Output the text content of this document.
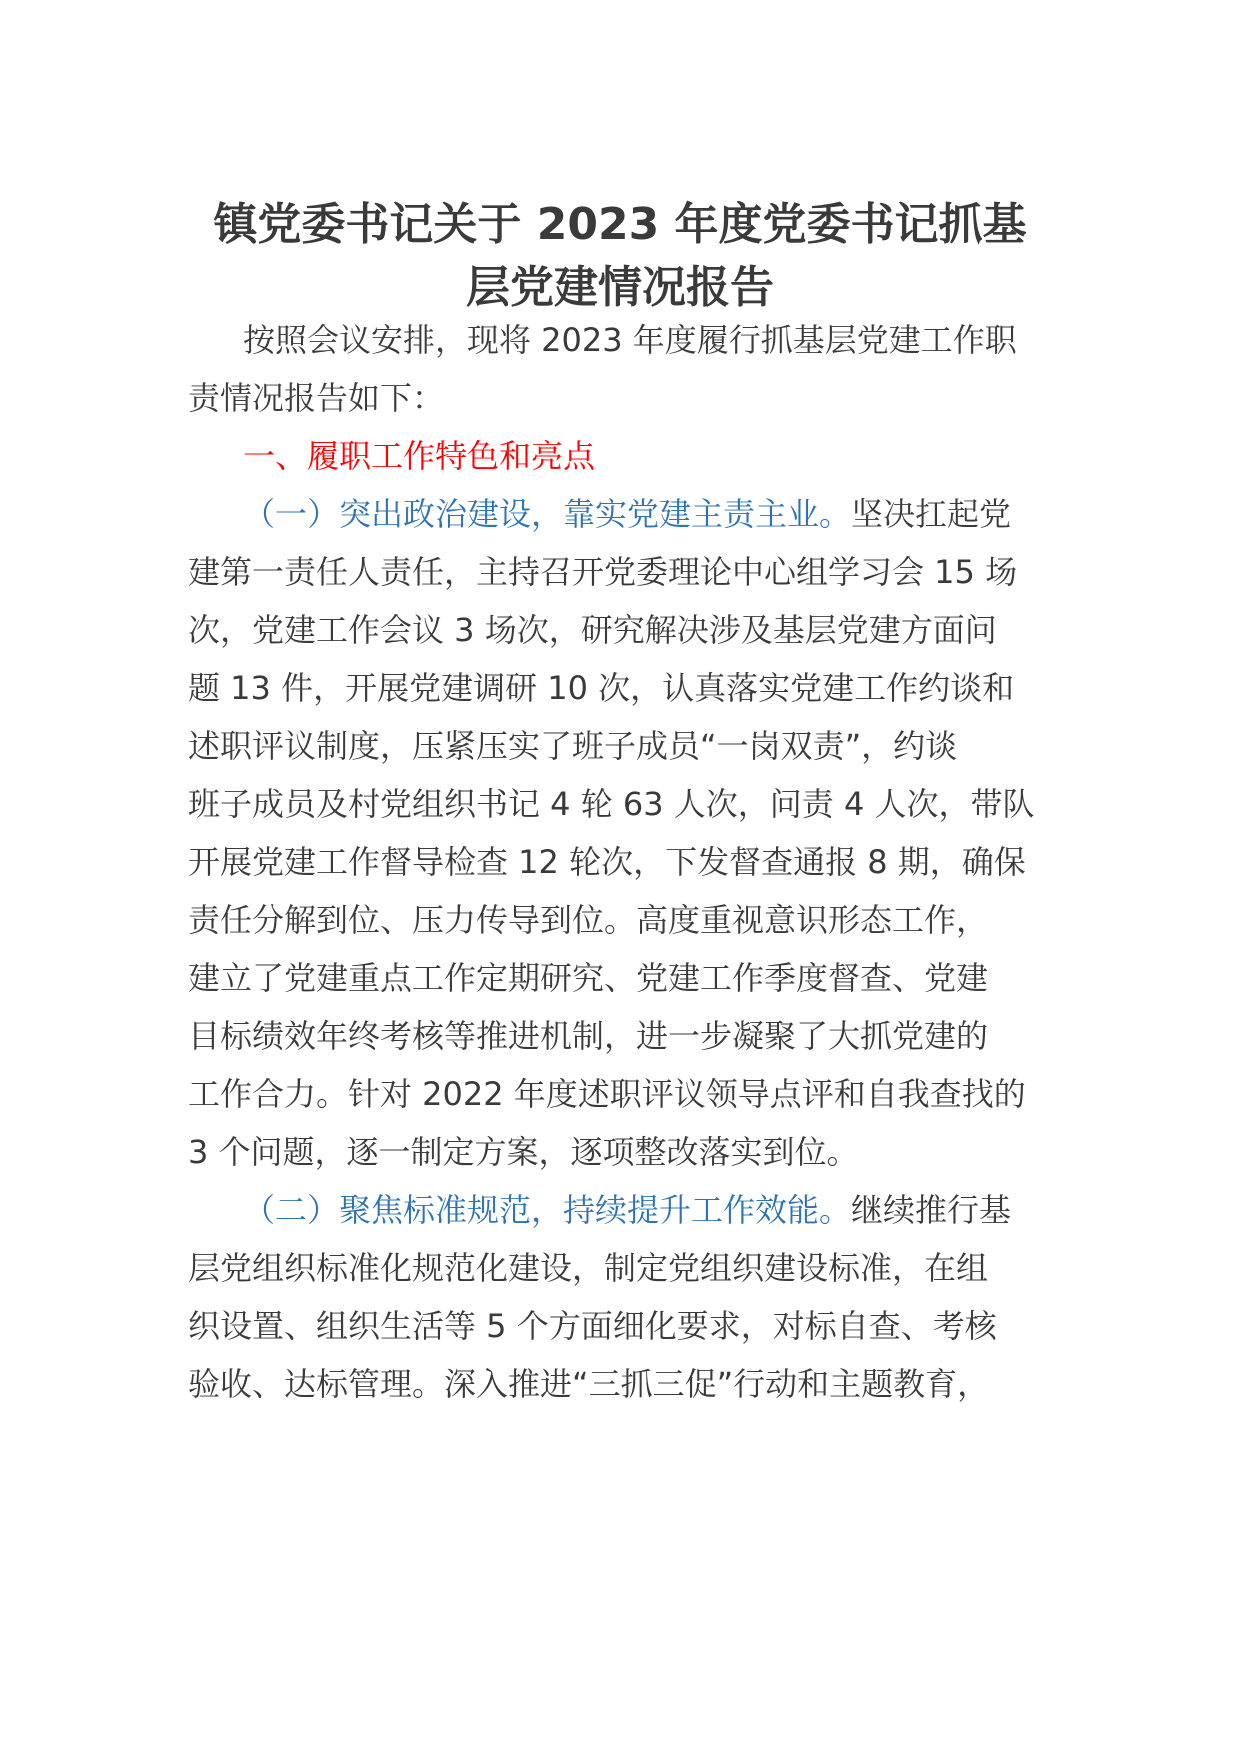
镇党委书记关于 2023 年度党委书记抓基
层党建情况报告
按照会议安排，现将 2023 年度履行抓基层党建工作职
责情况报告如下：
一、履职工作特色和亮点
（一）突出政治建设，靠实党建主责主业。坚决扛起党
建第一责任人责任，主持召开党委理论中心组学习会 15 场
次，党建工作会议 3 场次，研究解决涉及基层党建方面问
题 13 件，开展党建调研 10 次，认真落实党建工作约谈和
述职评议制度，压紧压实了班子成员“一岗双责”，约谈
班子成员及村党组织书记 4 轮 63 人次，问责 4 人次，带队
开展党建工作督导检查 12 轮次，下发督查通报 8 期，确保
责任分解到位、压力传导到位。高度重视意识形态工作，
建立了党建重点工作定期研究、党建工作季度督查、党建
目标绩效年终考核等推进机制，进一步凝聚了大抓党建的
工作合力。针对 2022 年度述职评议领导点评和自我查找的
3 个问题，逐一制定方案，逐项整改落实到位。
（二）聚焦标准规范，持续提升工作效能。继续推行基
层党组织标准化规范化建设，制定党组织建设标准，在组
织设置、组织生活等 5 个方面细化要求，对标自查、考核
验收、达标管理。深入推进“三抓三促”行动和主题教育，
